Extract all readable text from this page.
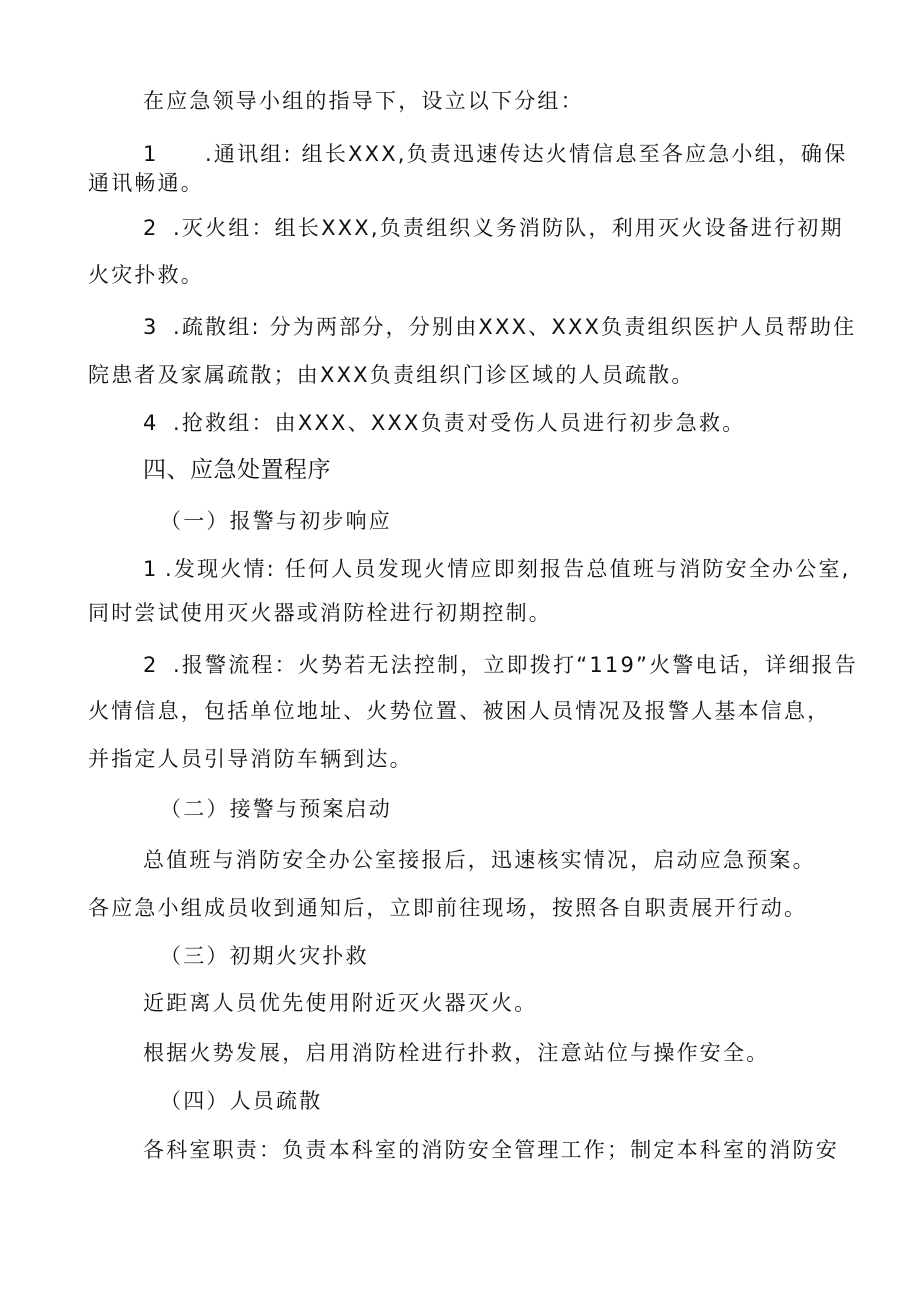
在应急领导小组的指导下，设立以下分组：
1 .通讯组: 组长XXX,负责迅速传达火情信息至各应急小组，确保
通讯畅通。
2 .灭火组：组长XXX,负责组织义务消防队，利用灭火设备进行初期
火灾扑救。
3 .疏散组: 分为两部分，分别由XXX、XXX负责组织医护人员帮助住
院患者及家属疏散；由XXX负责组织门诊区域的人员疏散。
4 .抢救组：由XXX、XXX负责对受伤人员进行初步急救。
四、应急处置程序
（一）报警与初步响应
1 .发现火情: 任何人员发现火情应即刻报告总值班与消防安全办公室,
同时尝试使用灭火器或消防栓进行初期控制。
2 .报警流程：火势若无法控制，立即拨打“119”火警电话，详细报告
火情信息，包括单位地址、火势位置、被困人员情况及报警人基本信息，
并指定人员引导消防车辆到达。
（二）接警与预案启动
总值班与消防安全办公室接报后，迅速核实情况，启动应急预案。
各应急小组成员收到通知后，立即前往现场，按照各自职责展开行动。
（三）初期火灾扑救
近距离人员优先使用附近灭火器灭火。
根据火势发展，启用消防栓进行扑救，注意站位与操作安全。
（四）人员疏散
各科室职责：负责本科室的消防安全管理工作；制定本科室的消防安
